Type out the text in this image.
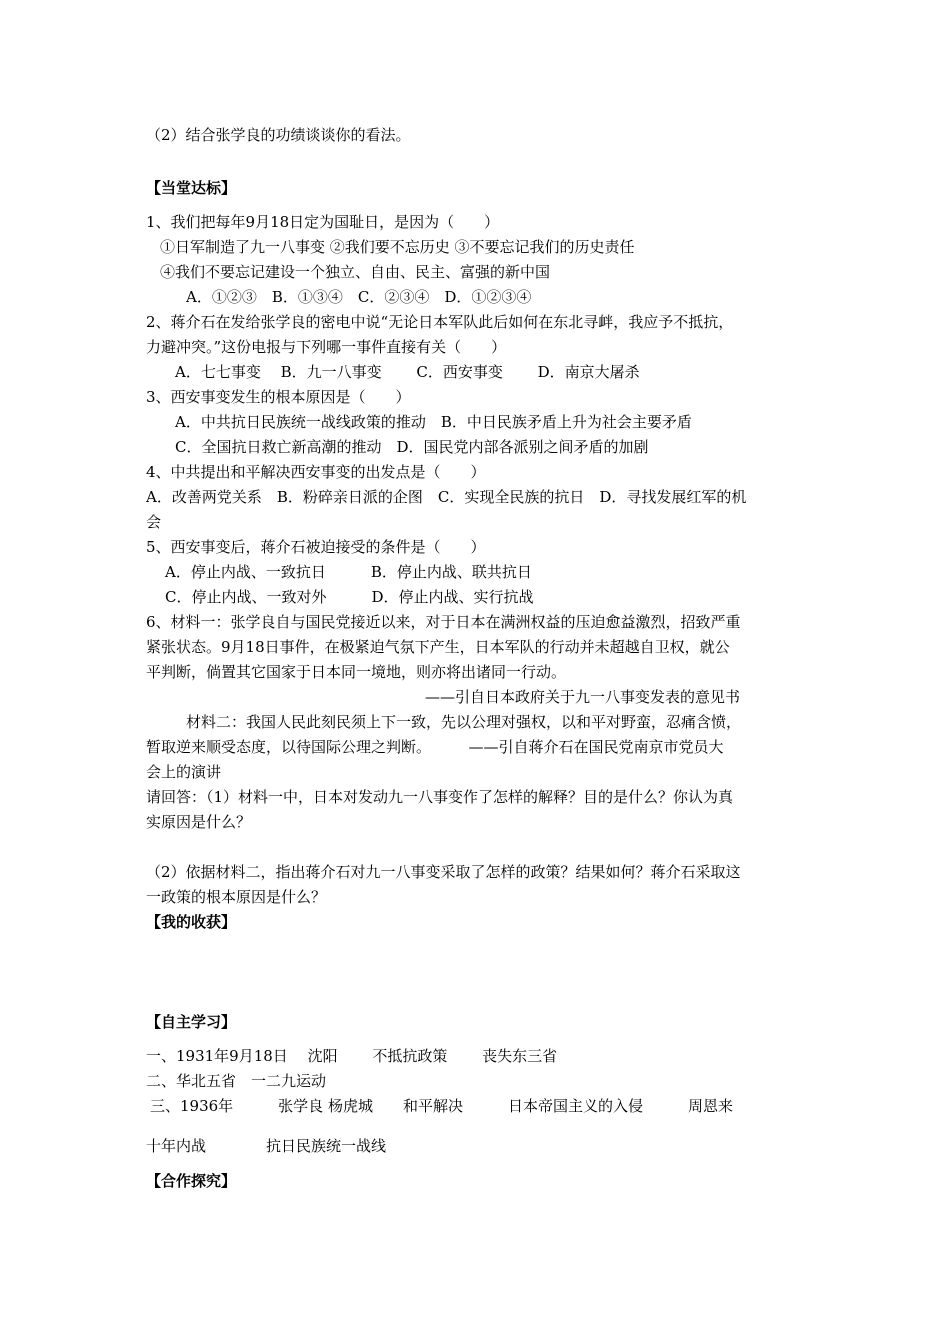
（2）结合张学良的功绩谈谈你的看法。
【当堂达标】
1、我们把每年9月18日定为国耻日，是因为（　　）
①日军制造了九一八事变 ②我们要不忘历史 ③不要忘记我们的历史责任
④我们不要忘记建设一个独立、自由、民主、富强的新中国
A．①②③　B．①③④　C．②③④　D．①②③④
2、蒋介石在发给张学良的密电中说“无论日本军队此后如何在东北寻衅，我应予不抵抗，
力避冲突。”这份电报与下列哪一事件直接有关（　　）
A．七七事变　 B．九一八事变　　 C．西安事变　　 D．南京大屠杀
3、西安事变发生的根本原因是（　　）
A．中共抗日民族统一战线政策的推动　B．中日民族矛盾上升为社会主要矛盾
C．全国抗日救亡新高潮的推动　D．国民党内部各派别之间矛盾的加剧
4、中共提出和平解决西安事变的出发点是（　　）
A．改善两党关系　B．粉碎亲日派的企图　C．实现全民族的抗日　D．寻找发展红军的机
会
5、西安事变后，蒋介石被迫接受的条件是（　　）
A．停止内战、一致抗日　　　B．停止内战、联共抗日
C．停止内战、一致对外　　　D．停止内战、实行抗战
6、材料一：张学良自与国民党接近以来，对于日本在满洲权益的压迫愈益激烈，招致严重
紧张状态。9月18日事件，在极紧迫气氛下产生，日本军队的行动并未超越自卫权，就公
平判断，倘置其它国家于日本同一境地，则亦将出诸同一行动。
——引自日本政府关于九一八事变发表的意见书
材料二：我国人民此刻民须上下一致，先以公理对强权，以和平对野蛮，忍痛含愤，
暂取逆来顺受态度，以待国际公理之判断。　　　——引自蒋介石在国民党南京市党员大
会上的演讲
请回答：（1）材料一中，日本对发动九一八事变作了怎样的解释？目的是什么？你认为真
实原因是什么？
（2）依据材料二，指出蒋介石对九一八事变采取了怎样的政策？结果如何？蒋介石采取这
一政策的根本原因是什么？
【我的收获】
【自主学习】
一、1931年9月18日　 沈阳　　 不抵抗政策　　 丧失东三省
二、华北五省　一二九运动
三、1936年　　　张学良 杨虎城　　和平解决　　　日本帝国主义的入侵　　　周恩来
十年内战　　　　抗日民族统一战线
【合作探究】
